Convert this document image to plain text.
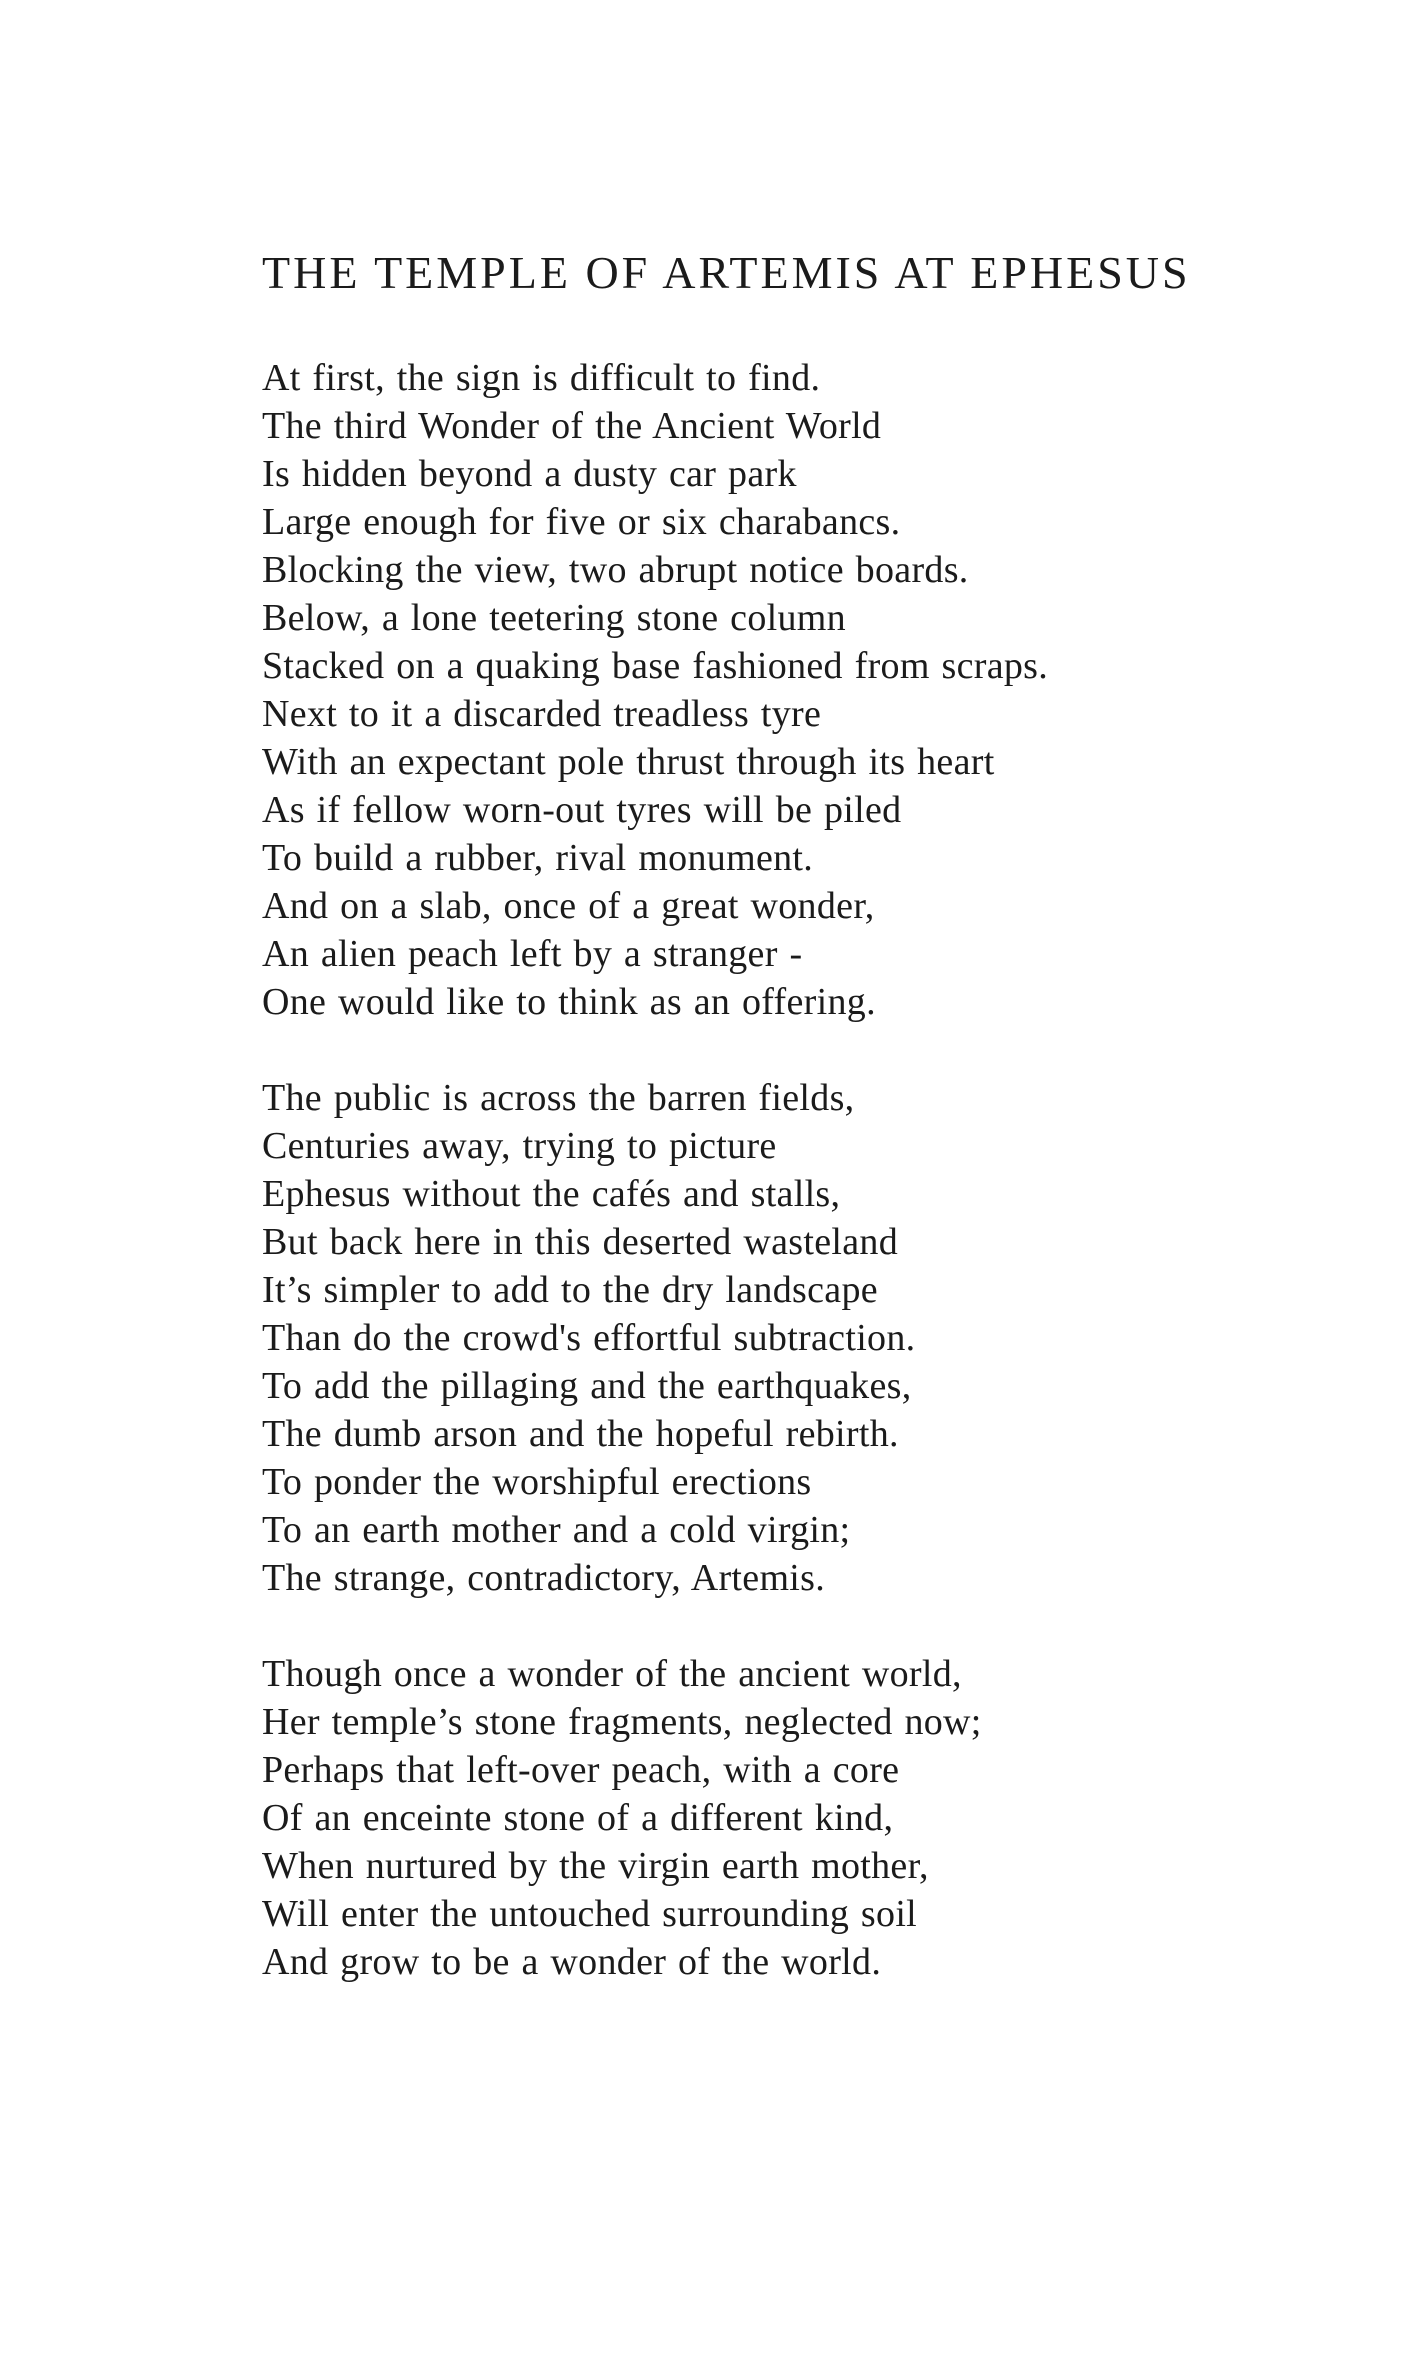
THE TEMPLE OF ARTEMIS AT EPHESUS
At first, the sign is difficult to find.
The third Wonder of the Ancient World
Is hidden beyond a dusty car park
Large enough for five or six charabancs.
Blocking the view, two abrupt notice boards.
Below, a lone teetering stone column
Stacked on a quaking base fashioned from scraps.
Next to it a discarded treadless tyre
With an expectant pole thrust through its heart
As if fellow worn-out tyres will be piled
To build a rubber, rival monument.
And on a slab, once of a great wonder,
An alien peach left by a stranger -
One would like to think as an offering.
The public is across the barren fields,
Centuries away, trying to picture
Ephesus without the cafés and stalls,
But back here in this deserted wasteland
It’s simpler to add to the dry landscape
Than do the crowd's effortful subtraction.
To add the pillaging and the earthquakes,
The dumb arson and the hopeful rebirth.
To ponder the worshipful erections
To an earth mother and a cold virgin;
The strange, contradictory, Artemis.
Though once a wonder of the ancient world,
Her temple’s stone fragments, neglected now;
Perhaps that left-over peach, with a core
Of an enceinte stone of a different kind,
When nurtured by the virgin earth mother,
Will enter the untouched surrounding soil
And grow to be a wonder of the world.
